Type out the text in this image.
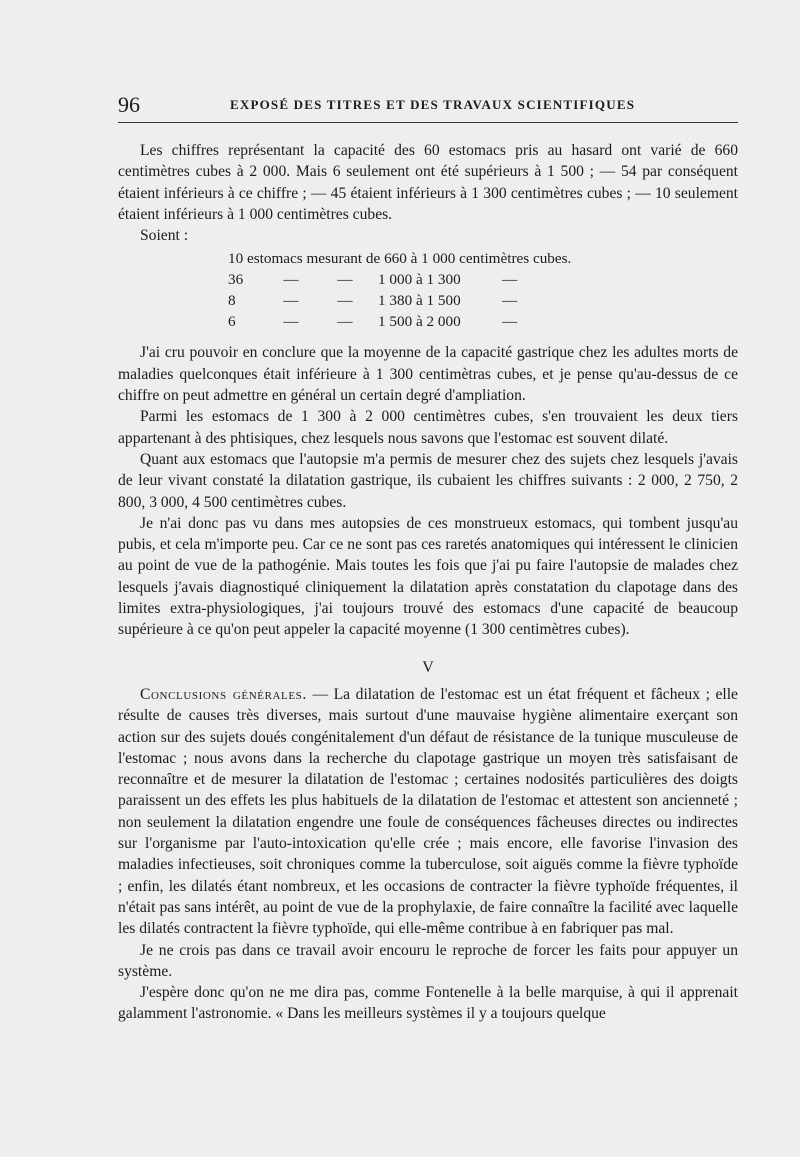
96	EXPOSÉ DES TITRES ET DES TRAVAUX SCIENTIFIQUES

Les chiffres représentant la capacité des 60 estomacs pris au hasard ont varié de 660 centimètres cubes à 2 000. Mais 6 seulement ont été supérieurs à 1 500 ; — 54 par conséquent étaient inférieurs à ce chiffre ; — 45 étaient inférieurs à 1 300 centimètres cubes ; — 10 seulement étaient inférieurs à 1 000 centimètres cubes.

Soient :

10 estomacs mesurant de 660 à 1 000 centimètres cubes.
36	—	—	1 000 à 1 300	—
8	—	—	1 380 à 1 500	—
6	—	—	1 500 à 2 000	—

J'ai cru pouvoir en conclure que la moyenne de la capacité gastrique chez les adultes morts de maladies quelconques était inférieure à 1 300 centimètras cubes, et je pense qu'au-dessus de ce chiffre on peut admettre en général un certain degré d'ampliation.

Parmi les estomacs de 1 300 à 2 000 centimètres cubes, s'en trouvaient les deux tiers appartenant à des phtisiques, chez lesquels nous savons que l'estomac est souvent dilaté.

Quant aux estomacs que l'autopsie m'a permis de mesurer chez des sujets chez lesquels j'avais de leur vivant constaté la dilatation gastrique, ils cubaient les chiffres suivants : 2 000, 2 750, 2 800, 3 000, 4 500 centimètres cubes.

Je n'ai donc pas vu dans mes autopsies de ces monstrueux estomacs, qui tombent jusqu'au pubis, et cela m'importe peu. Car ce ne sont pas ces raretés anatomiques qui intéressent le clinicien au point de vue de la pathogénie. Mais toutes les fois que j'ai pu faire l'autopsie de malades chez lesquels j'avais diagnostiqué cliniquement la dilatation après constatation du clapotage dans des limites extra-physiologiques, j'ai toujours trouvé des estomacs d'une capacité de beaucoup supérieure à ce qu'on peut appeler la capacité moyenne (1 300 centimètres cubes).

V

Conclusions générales. — La dilatation de l'estomac est un état fréquent et fâcheux ; elle résulte de causes très diverses, mais surtout d'une mauvaise hygiène alimentaire exerçant son action sur des sujets doués congénitalement d'un défaut de résistance de la tunique musculeuse de l'estomac ; nous avons dans la recherche du clapotage gastrique un moyen très satisfaisant de reconnaître et de mesurer la dilatation de l'estomac ; certaines nodosités particulières des doigts paraissent un des effets les plus habituels de la dilatation de l'estomac et attestent son ancienneté ; non seulement la dilatation engendre une foule de conséquences fâcheuses directes ou indirectes sur l'organisme par l'auto-intoxication qu'elle crée ; mais encore, elle favorise l'invasion des maladies infectieuses, soit chroniques comme la tuberculose, soit aiguës comme la fièvre typhoïde ; enfin, les dilatés étant nombreux, et les occasions de contracter la fièvre typhoïde fréquentes, il n'était pas sans intérêt, au point de vue de la prophylaxie, de faire connaître la facilité avec laquelle les dilatés contractent la fièvre typhoïde, qui elle-même contribue à en fabriquer pas mal.

Je ne crois pas dans ce travail avoir encouru le reproche de forcer les faits pour appuyer un système.

J'espère donc qu'on ne me dira pas, comme Fontenelle à la belle marquise, à qui il apprenait galamment l'astronomie. « Dans les meilleurs systèmes il y a toujours quelque
